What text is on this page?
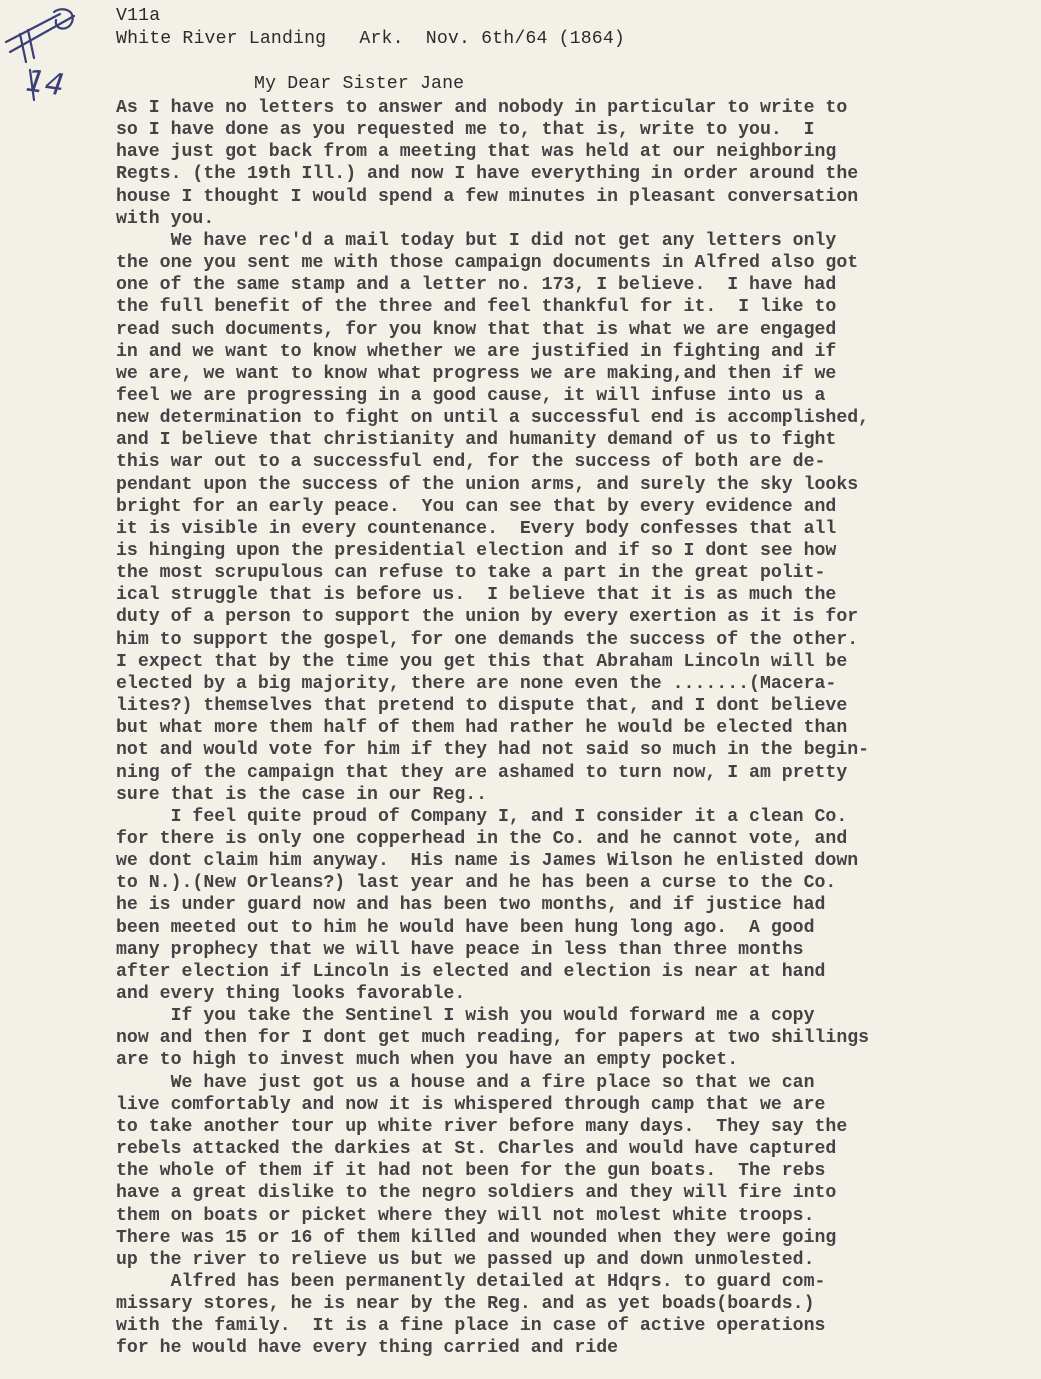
14
V11a
White River Landing   Ark.  Nov. 6th/64 (1864)
My Dear Sister Jane
As I have no letters to answer and nobody in particular to write to
so I have done as you requested me to, that is, write to you.  I
have just got back from a meeting that was held at our neighboring
Regts. (the 19th Ill.) and now I have everything in order around the
house I thought I would spend a few minutes in pleasant conversation
with you.
We have rec'd a mail today but I did not get any letters only
the one you sent me with those campaign documents in Alfred also got
one of the same stamp and a letter no. 173, I believe.  I have had
the full benefit of the three and feel thankful for it.  I like to
read such documents, for you know that that is what we are engaged
in and we want to know whether we are justified in fighting and if
we are, we want to know what progress we are making,and then if we
feel we are progressing in a good cause, it will infuse into us a
new determination to fight on until a successful end is accomplished,
and I believe that christianity and humanity demand of us to fight
this war out to a successful end, for the success of both are de-
pendant upon the success of the union arms, and surely the sky looks
bright for an early peace.  You can see that by every evidence and
it is visible in every countenance.  Every body confesses that all
is hinging upon the presidential election and if so I dont see how
the most scrupulous can refuse to take a part in the great polit-
ical struggle that is before us.  I believe that it is as much the
duty of a person to support the union by every exertion as it is for
him to support the gospel, for one demands the success of the other.
I expect that by the time you get this that Abraham Lincoln will be
elected by a big majority, there are none even the .......(Macera-
lites?) themselves that pretend to dispute that, and I dont believe
but what more them half of them had rather he would be elected than
not and would vote for him if they had not said so much in the begin-
ning of the campaign that they are ashamed to turn now, I am pretty
sure that is the case in our Reg..
I feel quite proud of Company I, and I consider it a clean Co.
for there is only one copperhead in the Co. and he cannot vote, and
we dont claim him anyway.  His name is James Wilson he enlisted down
to N.).(New Orleans?) last year and he has been a curse to the Co.
he is under guard now and has been two months, and if justice had
been meeted out to him he would have been hung long ago.  A good
many prophecy that we will have peace in less than three months
after election if Lincoln is elected and election is near at hand
and every thing looks favorable.
If you take the Sentinel I wish you would forward me a copy
now and then for I dont get much reading, for papers at two shillings
are to high to invest much when you have an empty pocket.
We have just got us a house and a fire place so that we can
live comfortably and now it is whispered through camp that we are
to take another tour up white river before many days.  They say the
rebels attacked the darkies at St. Charles and would have captured
the whole of them if it had not been for the gun boats.  The rebs
have a great dislike to the negro soldiers and they will fire into
them on boats or picket where they will not molest white troops.
There was 15 or 16 of them killed and wounded when they were going
up the river to relieve us but we passed up and down unmolested.
Alfred has been permanently detailed at Hdqrs. to guard com-
missary stores, he is near by the Reg. and as yet boads(boards.)
with the family.  It is a fine place in case of active operations
for he would have every thing carried and ride
